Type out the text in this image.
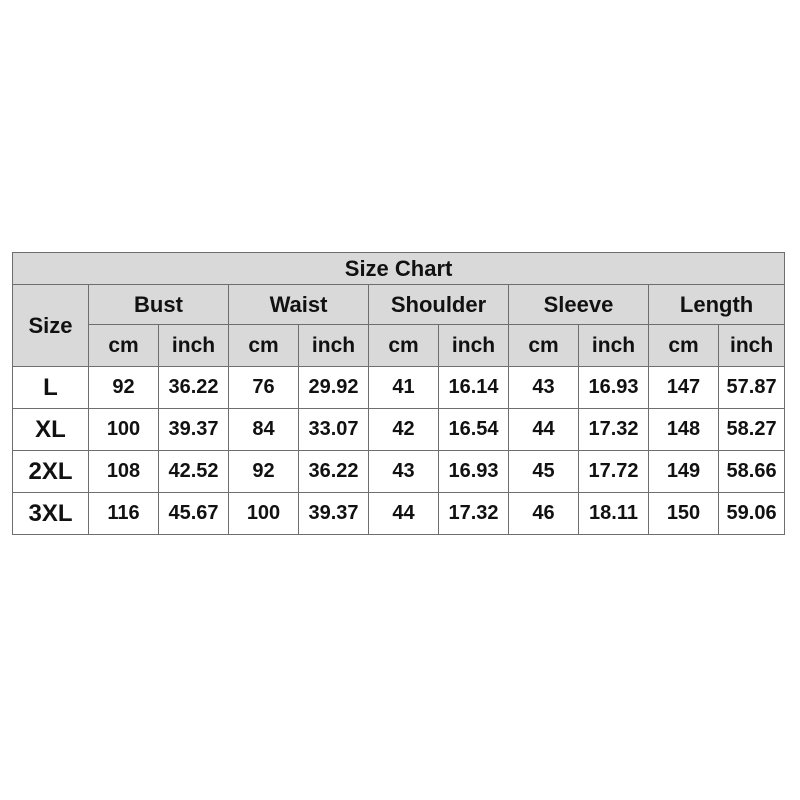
Size Chart										
Size	Bust		Waist		Shoulder		Sleeve		Length	
	cm	inch	cm	inch	cm	inch	cm	inch	cm	inch
L	92	36.22	76	29.92	41	16.14	43	16.93	147	57.87
XL	100	39.37	84	33.07	42	16.54	44	17.32	148	58.27
2XL	108	42.52	92	36.22	43	16.93	45	17.72	149	58.66
3XL	116	45.67	100	39.37	44	17.32	46	18.11	150	59.06
